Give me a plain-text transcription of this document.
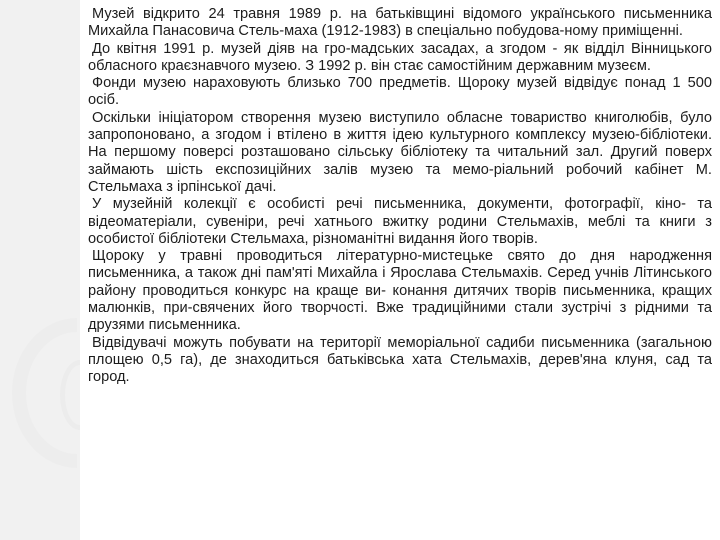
Музей відкрито 24 травня 1989 р. на батьківщині відомого українського письменника Михайла Панасовича Стель-маха (1912-1983) в спеціально побудова-ному приміщенні.

До квітня 1991 р. музей діяв на гро-мадських засадах, а згодом - як відділ Вінницького обласного краєзнавчого музею. З 1992 р. він стає самостійним державним музеєм.

Фонди музею нараховують близько 700 предметів. Щороку музей відвідує понад 1 500 осіб.

Оскільки ініціатором створення музею виступило обласне товариство книголюбів, було запропоновано, а згодом і втілено в життя ідею культурного комплексу музею-бібліотеки. На першому поверсі розташовано сільську бібліотеку та читальний зал. Другий поверх займають шість експозиційних залів музею та мемо-ріальний робочий кабінет М. Стельмаха з ірпінської дачі.

У музейній колекції є особисті речі письменника, документи, фотографії, кіно- та відеоматеріали, сувеніри, речі хатнього вжитку родини Стельмахів, меблі та книги з особистої бібліотеки Стельмаха, різноманітні видання його творів.

Щороку у травні проводиться літературно-мистецьке свято до дня народження письменника, а також дні пам'яті Михайла і Ярослава Стельмахів. Серед учнів Літинського району проводиться конкурс на краще ви- конання дитячих творів письменника, кращих малюнків, при-свячених його творчості. Вже традиційними стали зустрічі з рідними та друзями письменника.

Відвідувачі можуть побувати на території меморіальної садиби письменника (загальною площею 0,5 га), де знаходиться батьківська хата Стельмахів, дерев'яна клуня, сад та город.
